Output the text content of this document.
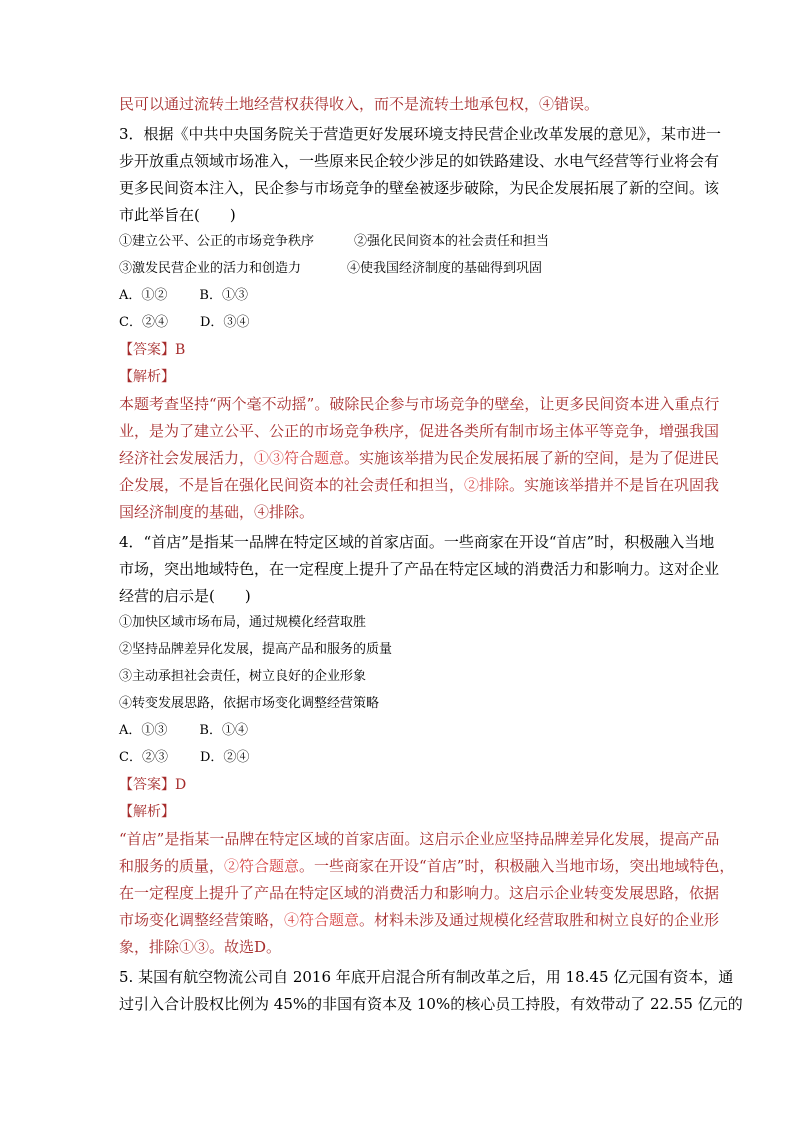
民可以通过流转土地经营权获得收入，而不是流转土地承包权，④错误。
3．根据《中共中央国务院关于营造更好发展环境支持民营企业改革发展的意见》，某市进一
步开放重点领域市场准入，一些原来民企较少涉足的如铁路建设、水电气经营等行业将会有
更多民间资本注入，民企参与市场竞争的壁垒被逐步破除，为民企发展拓展了新的空间。该
市此举旨在(　　)
①建立公平、公正的市场竞争秩序	②强化民间资本的社会责任和担当
③激发民营企业的活力和创造力	④使我国经济制度的基础得到巩固
A．①② B．①③
C．②④ D．③④
【答案】B
【解析】
本题考查坚持“两个毫不动摇”。破除民企参与市场竞争的壁垒，让更多民间资本进入重点行
业，是为了建立公平、公正的市场竞争秩序，促进各类所有制市场主体平等竞争，增强我国
经济社会发展活力，①③符合题意。实施该举措为民企发展拓展了新的空间，是为了促进民
企发展，不是旨在强化民间资本的社会责任和担当，②排除。实施该举措并不是旨在巩固我
国经济制度的基础，④排除。
4．“首店”是指某一品牌在特定区域的首家店面。一些商家在开设“首店”时，积极融入当地
市场，突出地域特色，在一定程度上提升了产品在特定区域的消费活力和影响力。这对企业
经营的启示是(　　)
①加快区域市场布局，通过规模化经营取胜
②坚持品牌差异化发展，提高产品和服务的质量
③主动承担社会责任，树立良好的企业形象
④转变发展思路，依据市场变化调整经营策略
A．①③ B．①④
C．②③ D．②④
【答案】D
【解析】
“首店”是指某一品牌在特定区域的首家店面。这启示企业应坚持品牌差异化发展，提高产品
和服务的质量，②符合题意。一些商家在开设“首店”时，积极融入当地市场，突出地域特色，
在一定程度上提升了产品在特定区域的消费活力和影响力。这启示企业转变发展思路，依据
市场变化调整经营策略，④符合题意。材料未涉及通过规模化经营取胜和树立良好的企业形
象，排除①③。故选D。
5. 某国有航空物流公司自 2016 年底开启混合所有制改革之后，用 18.45 亿元国有资本，通
过引入合计股权比例为 45%的非国有资本及 10%的核心员工持股，有效带动了 22.55 亿元的
